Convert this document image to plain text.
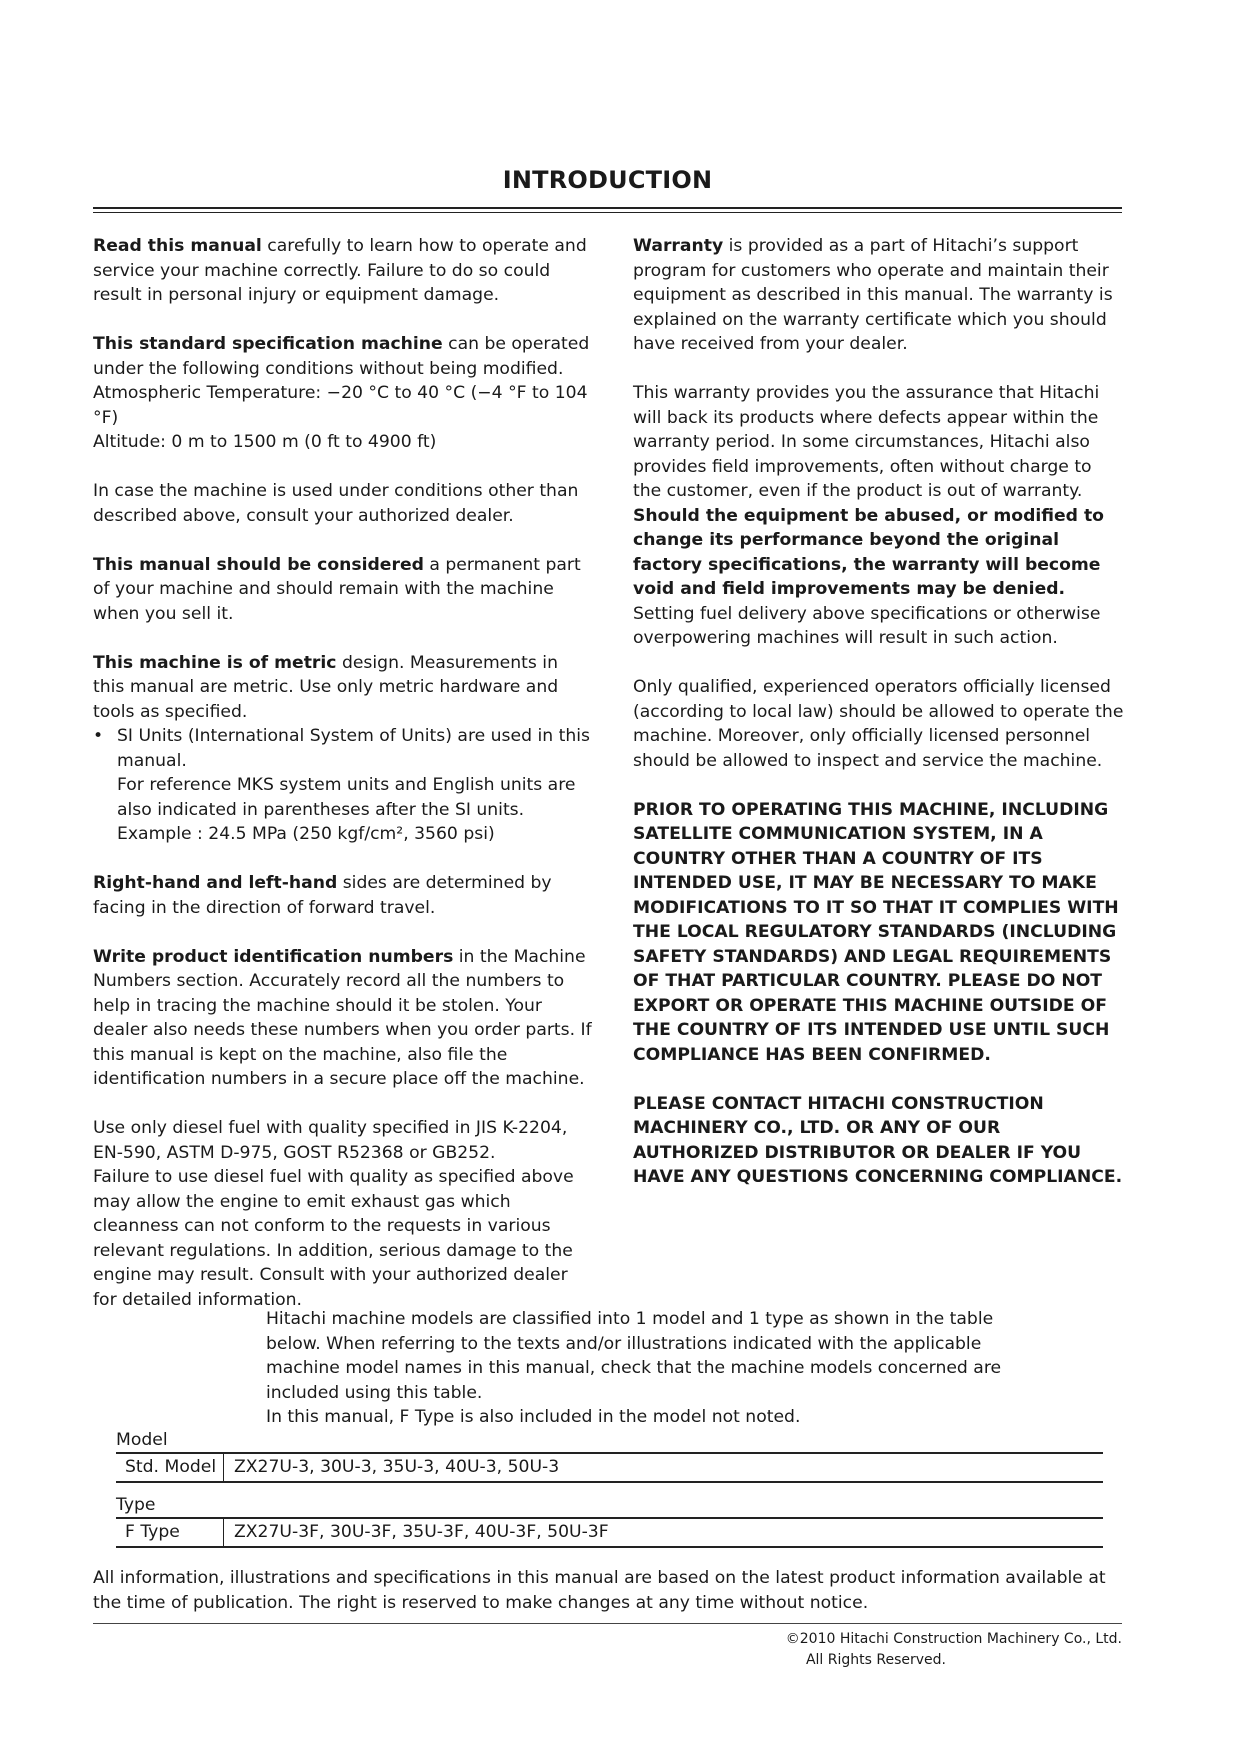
INTRODUCTION

Read this manual carefully to learn how to operate and service your machine correctly. Failure to do so could result in personal injury or equipment damage.

This standard specification machine can be operated under the following conditions without being modified.
Atmospheric Temperature: −20 °C to 40 °C (−4 °F to 104 °F)
Altitude: 0 m to 1500 m (0 ft to 4900 ft)

In case the machine is used under conditions other than described above, consult your authorized dealer.

This manual should be considered a permanent part of your machine and should remain with the machine when you sell it.

This machine is of metric design. Measurements in this manual are metric. Use only metric hardware and tools as specified.

• SI Units (International System of Units) are used in this manual.
For reference MKS system units and English units are also indicated in parentheses after the SI units.
Example : 24.5 MPa (250 kgf/cm², 3560 psi)

Right-hand and left-hand sides are determined by facing in the direction of forward travel.

Write product identification numbers in the Machine Numbers section. Accurately record all the numbers to help in tracing the machine should it be stolen. Your dealer also needs these numbers when you order parts. If this manual is kept on the machine, also file the identification numbers in a secure place off the machine.

Use only diesel fuel with quality specified in JIS K-2204, EN-590, ASTM D-975, GOST R52368 or GB252.
Failure to use diesel fuel with quality as specified above may allow the engine to emit exhaust gas which cleanness can not conform to the requests in various relevant regulations. In addition, serious damage to the engine may result. Consult with your authorized dealer for detailed information.

Warranty is provided as a part of Hitachi’s support program for customers who operate and maintain their equipment as described in this manual. The warranty is explained on the warranty certificate which you should have received from your dealer.

This warranty provides you the assurance that Hitachi will back its products where defects appear within the warranty period. In some circumstances, Hitachi also provides field improvements, often without charge to the customer, even if the product is out of warranty. Should the equipment be abused, or modified to change its performance beyond the original factory specifications, the warranty will become void and field improvements may be denied. Setting fuel delivery above specifications or otherwise overpowering machines will result in such action.

Only qualified, experienced operators officially licensed (according to local law) should be allowed to operate the machine. Moreover, only officially licensed personnel should be allowed to inspect and service the machine.

PRIOR TO OPERATING THIS MACHINE, INCLUDING SATELLITE COMMUNICATION SYSTEM, IN A COUNTRY OTHER THAN A COUNTRY OF ITS INTENDED USE, IT MAY BE NECESSARY TO MAKE MODIFICATIONS TO IT SO THAT IT COMPLIES WITH THE LOCAL REGULATORY STANDARDS (INCLUDING SAFETY STANDARDS) AND LEGAL REQUIREMENTS OF THAT PARTICULAR COUNTRY. PLEASE DO NOT EXPORT OR OPERATE THIS MACHINE OUTSIDE OF THE COUNTRY OF ITS INTENDED USE UNTIL SUCH COMPLIANCE HAS BEEN CONFIRMED.

PLEASE CONTACT HITACHI CONSTRUCTION MACHINERY CO., LTD. OR ANY OF OUR AUTHORIZED DISTRIBUTOR OR DEALER IF YOU HAVE ANY QUESTIONS CONCERNING COMPLIANCE.

Hitachi machine models are classified into 1 model and 1 type as shown in the table below. When referring to the texts and/or illustrations indicated with the applicable machine model names in this manual, check that the machine models concerned are included using this table.

In this manual, F Type is also included in the model not noted.

Model
Std. Model	ZX27U-3, 30U-3, 35U-3, 40U-3, 50U-3
Type
F Type	ZX27U-3F, 30U-3F, 35U-3F, 40U-3F, 50U-3F

All information, illustrations and specifications in this manual are based on the latest product information available at the time of publication. The right is reserved to make changes at any time without notice.

©2010 Hitachi Construction Machinery Co., Ltd.

All Rights Reserved.
